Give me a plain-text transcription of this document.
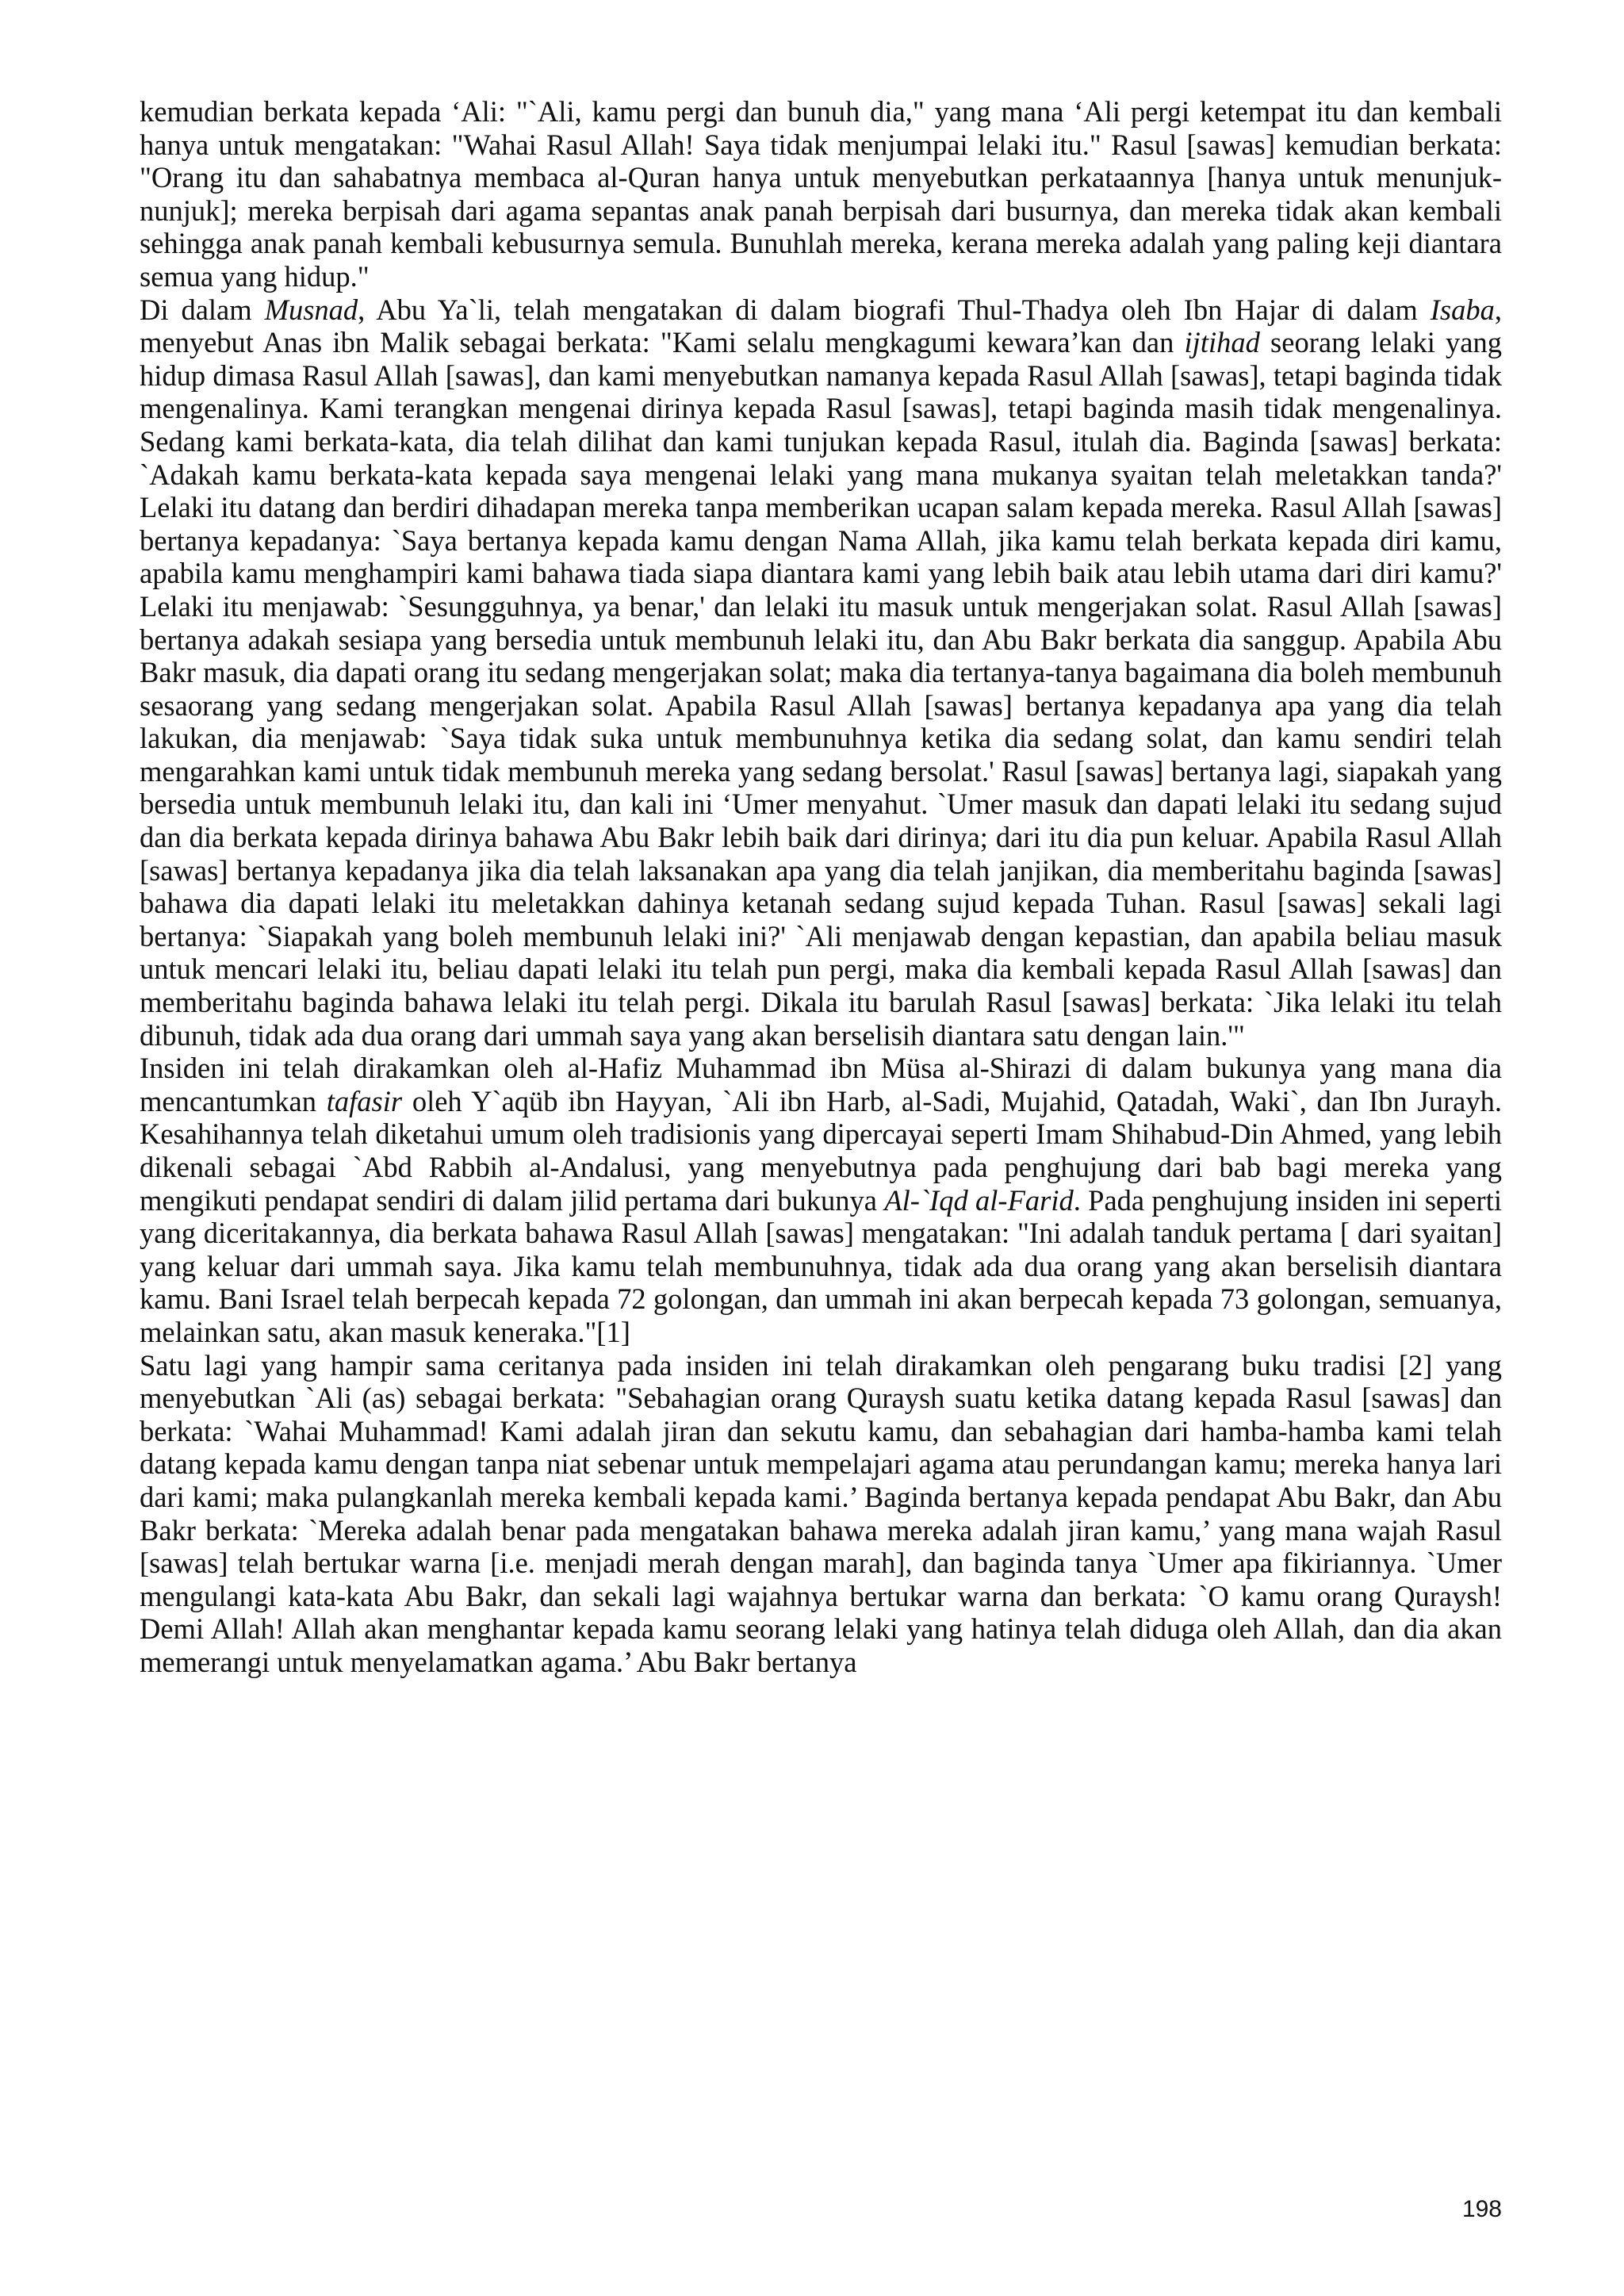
kemudian berkata kepada ‘Ali: "`Ali, kamu pergi dan bunuh dia," yang mana ‘Ali pergi ketempat itu dan kembali hanya untuk mengatakan: "Wahai Rasul Allah! Saya tidak menjumpai lelaki itu." Rasul [sawas] kemudian berkata: "Orang itu dan sahabatnya membaca al-Quran hanya untuk menyebutkan perkataannya [hanya untuk menunjuk-nunjuk]; mereka berpisah dari agama sepantas anak panah berpisah dari busurnya, dan mereka tidak akan kembali sehingga anak panah kembali kebusurnya semula. Bunuhlah mereka, kerana mereka adalah yang paling keji diantara semua yang hidup."

Di dalam Musnad, Abu Ya`li, telah mengatakan di dalam biografi Thul-Thadya oleh Ibn Hajar di dalam Isaba, menyebut Anas ibn Malik sebagai berkata: "Kami selalu mengkagumi kewara’kan dan ijtihad seorang lelaki yang hidup dimasa Rasul Allah [sawas], dan kami menyebutkan namanya kepada Rasul Allah [sawas], tetapi baginda tidak mengenalinya. Kami terangkan mengenai dirinya kepada Rasul [sawas], tetapi baginda masih tidak mengenalinya. Sedang kami berkata-kata, dia telah dilihat dan kami tunjukan kepada Rasul, itulah dia. Baginda [sawas] berkata: `Adakah kamu berkata-kata kepada saya mengenai lelaki yang mana mukanya syaitan telah meletakkan tanda?' Lelaki itu datang dan berdiri dihadapan mereka tanpa memberikan ucapan salam kepada mereka. Rasul Allah [sawas] bertanya kepadanya: `Saya bertanya kepada kamu dengan Nama Allah, jika kamu telah berkata kepada diri kamu, apabila kamu menghampiri kami bahawa tiada siapa diantara kami yang lebih baik atau lebih utama dari diri kamu?' Lelaki itu menjawab: `Sesungguhnya, ya benar,' dan lelaki itu masuk untuk mengerjakan solat. Rasul Allah [sawas] bertanya adakah sesiapa yang bersedia untuk membunuh lelaki itu, dan Abu Bakr berkata dia sanggup. Apabila Abu Bakr masuk, dia dapati orang itu sedang mengerjakan solat; maka dia tertanya-tanya bagaimana dia boleh membunuh sesaorang yang sedang mengerjakan solat. Apabila Rasul Allah [sawas] bertanya kepadanya apa yang dia telah lakukan, dia menjawab: `Saya tidak suka untuk membunuhnya ketika dia sedang solat, dan kamu sendiri telah mengarahkan kami untuk tidak membunuh mereka yang sedang bersolat.' Rasul [sawas] bertanya lagi, siapakah yang bersedia untuk membunuh lelaki itu, dan kali ini ‘Umer menyahut. `Umer masuk dan dapati lelaki itu sedang sujud dan dia berkata kepada dirinya bahawa Abu Bakr lebih baik dari dirinya; dari itu dia pun keluar. Apabila Rasul Allah [sawas] bertanya kepadanya jika dia telah laksanakan apa yang dia telah janjikan, dia memberitahu baginda [sawas] bahawa dia dapati lelaki itu meletakkan dahinya ketanah sedang sujud kepada Tuhan. Rasul [sawas] sekali lagi bertanya: `Siapakah yang boleh membunuh lelaki ini?' `Ali menjawab dengan kepastian, dan apabila beliau masuk untuk mencari lelaki itu, beliau dapati lelaki itu telah pun pergi, maka dia kembali kepada Rasul Allah [sawas] dan memberitahu baginda bahawa lelaki itu telah pergi. Dikala itu barulah Rasul [sawas] berkata: `Jika lelaki itu telah dibunuh, tidak ada dua orang dari ummah saya yang akan berselisih diantara satu dengan lain.'"

Insiden ini telah dirakamkan oleh al-Hafiz Muhammad ibn Müsa al-Shirazi di dalam bukunya yang mana dia mencantumkan tafasir oleh Y`aqüb ibn Hayyan, `Ali ibn Harb, al-Sadi, Mujahid, Qatadah, Waki`, dan Ibn Jurayh. Kesahihannya telah diketahui umum oleh tradisionis yang dipercayai seperti Imam Shihabud-Din Ahmed, yang lebih dikenali sebagai `Abd Rabbih al-Andalusi, yang menyebutnya pada penghujung dari bab bagi mereka yang mengikuti pendapat sendiri di dalam jilid pertama dari bukunya Al-`Iqd al-Farid. Pada penghujung insiden ini seperti yang diceritakannya, dia berkata bahawa Rasul Allah [sawas] mengatakan: "Ini adalah tanduk pertama [ dari syaitan] yang keluar dari ummah saya. Jika kamu telah membunuhnya, tidak ada dua orang yang akan berselisih diantara kamu. Bani Israel telah berpecah kepada 72 golongan, dan ummah ini akan berpecah kepada 73 golongan, semuanya, melainkan satu, akan masuk keneraka."[1]

Satu lagi yang hampir sama ceritanya pada insiden ini telah dirakamkan oleh pengarang buku tradisi [2] yang menyebutkan `Ali (as) sebagai berkata: "Sebahagian orang Quraysh suatu ketika datang kepada Rasul [sawas] dan berkata: `Wahai Muhammad! Kami adalah jiran dan sekutu kamu, dan sebahagian dari hamba-hamba kami telah datang kepada kamu dengan tanpa niat sebenar untuk mempelajari agama atau perundangan kamu; mereka hanya lari dari kami; maka pulangkanlah mereka kembali kepada kami.’ Baginda bertanya kepada pendapat Abu Bakr, dan Abu Bakr berkata: `Mereka adalah benar pada mengatakan bahawa mereka adalah jiran kamu,’ yang mana wajah Rasul [sawas] telah bertukar warna [i.e. menjadi merah dengan marah], dan baginda tanya `Umer apa fikiriannya. `Umer mengulangi kata-kata Abu Bakr, dan sekali lagi wajahnya bertukar warna dan berkata: `O kamu orang Quraysh! Demi Allah! Allah akan menghantar kepada kamu seorang lelaki yang hatinya telah diduga oleh Allah, dan dia akan memerangi untuk menyelamatkan agama.’ Abu Bakr bertanya

198
